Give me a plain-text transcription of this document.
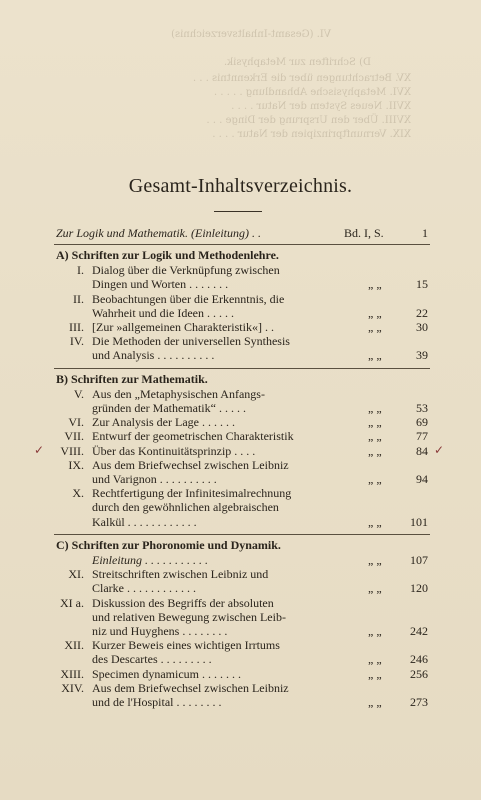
VI. (Gesamt-Inhaltsverzeichnis)
D) Schriften zur Metaphysik.
XV. Betrachtungen über die Erkenntnis . . .
XVI. Metaphysische Abhandlung . . . . .
XVII. Neues System der Natur . . . .
XVIII. Über den Ursprung der Dinge . . .
XIX. Vernunftprinzipien der Natur . . . .
Gesamt-Inhaltsverzeichnis.
Zur Logik und Mathematik. (Einleitung) . .	Bd. I, S.	1
A) Schriften zur Logik und Methodenlehre.
I. Dialog über die Verknüpfung zwischen
Dingen und Worten . . . . . . .	„ „	15
II. Beobachtungen über die Erkenntnis, die
Wahrheit und die Ideen . . . . .	„ „	22
III. [Zur »allgemeinen Charakteristik«] . .	„ „	30
IV. Die Methoden der universellen Synthesis
und Analysis . . . . . . . . . .	„ „	39
B) Schriften zur Mathematik.
V. Aus den „Metaphysischen Anfangs-
gründen der Mathematik“ . . . . .	„ „	53
VI. Zur Analysis der Lage . . . . . .	„ „	69
VII. Entwurf der geometrischen Charakteristik	„ „	77
VIII. Über das Kontinuitätsprinzip . . . .	„ „	84
IX. Aus dem Briefwechsel zwischen Leibniz
und Varignon . . . . . . . . . .	„ „	94
X. Rechtfertigung der Infinitesimalrechnung
durch den gewöhnlichen algebraischen
Kalkül . . . . . . . . . . . .	„ „ 101
C) Schriften zur Phoronomie und Dynamik.
Einleitung . . . . . . . . . . .	„ „ 107
XI. Streitschriften zwischen Leibniz und
Clarke . . . . . . . . . . . .	„ „ 120
XI a. Diskussion des Begriffs der absoluten
und relativen Bewegung zwischen Leib-
niz und Huyghens . . . . . . . .	„ „ 242
XII. Kurzer Beweis eines wichtigen Irrtums
des Descartes . . . . . . . . .	„ „ 246
XIII. Specimen dynamicum . . . . . . .	„ „ 256
XIV. Aus dem Briefwechsel zwischen Leibniz
und de l'Hospital . . . . . . . .	„ „ 273
✓	✓
